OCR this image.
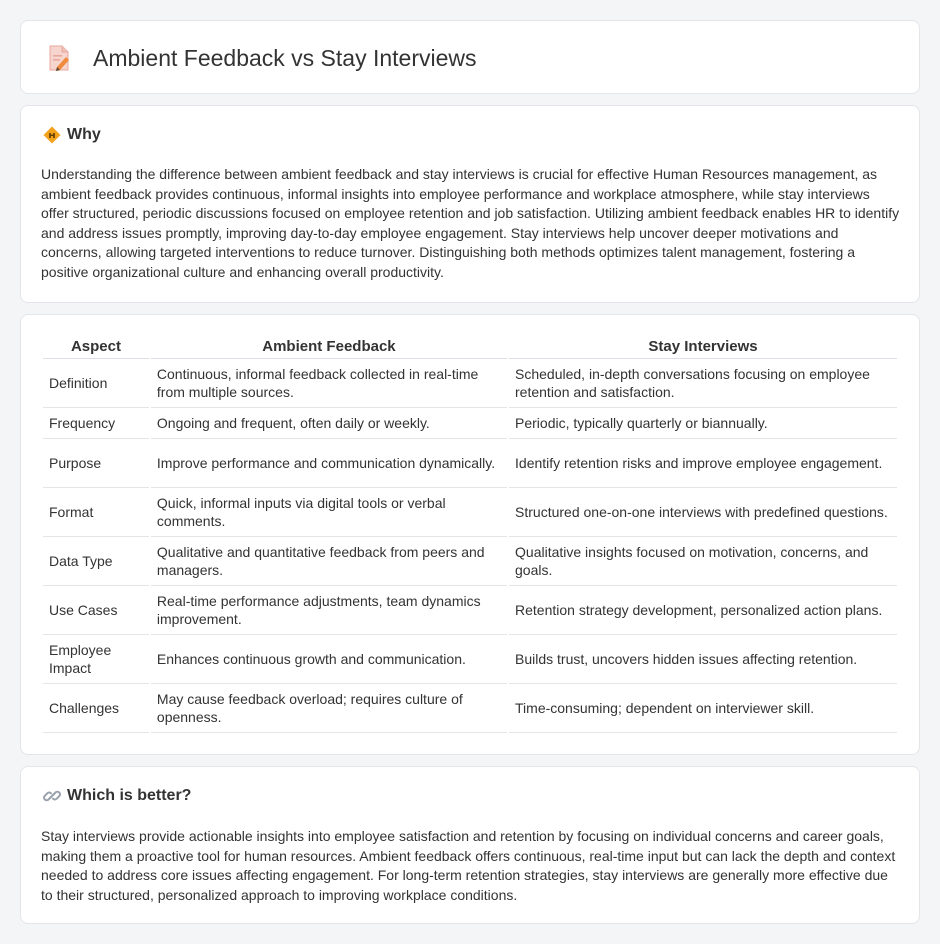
Ambient Feedback vs Stay Interviews
Why

Understanding the difference between ambient feedback and stay interviews is crucial for effective Human Resources management, as ambient feedback provides continuous, informal insights into employee performance and workplace atmosphere, while stay interviews offer structured, periodic discussions focused on employee retention and job satisfaction. Utilizing ambient feedback enables HR to identify and address issues promptly, improving day-to-day employee engagement. Stay interviews help uncover deeper motivations and concerns, allowing targeted interventions to reduce turnover. Distinguishing both methods optimizes talent management, fostering a positive organizational culture and enhancing overall productivity.

Aspect	Ambient Feedback	Stay Interviews
Definition	Continuous, informal feedback collected in real-time from multiple sources.	Scheduled, in-depth conversations focusing on employee retention and satisfaction.
Frequency	Ongoing and frequent, often daily or weekly.	Periodic, typically quarterly or biannually.
Purpose	Improve performance and communication dynamically.	Identify retention risks and improve employee engagement.
Format	Quick, informal inputs via digital tools or verbal comments.	Structured one-on-one interviews with predefined questions.
Data Type	Qualitative and quantitative feedback from peers and managers.	Qualitative insights focused on motivation, concerns, and goals.
Use Cases	Real-time performance adjustments, team dynamics improvement.	Retention strategy development, personalized action plans.
Employee Impact	Enhances continuous growth and communication.	Builds trust, uncovers hidden issues affecting retention.
Challenges	May cause feedback overload; requires culture of openness.	Time-consuming; dependent on interviewer skill.
Which is better?

Stay interviews provide actionable insights into employee satisfaction and retention by focusing on individual concerns and career goals, making them a proactive tool for human resources. Ambient feedback offers continuous, real-time input but can lack the depth and context needed to address core issues affecting engagement. For long-term retention strategies, stay interviews are generally more effective due to their structured, personalized approach to improving workplace conditions.
